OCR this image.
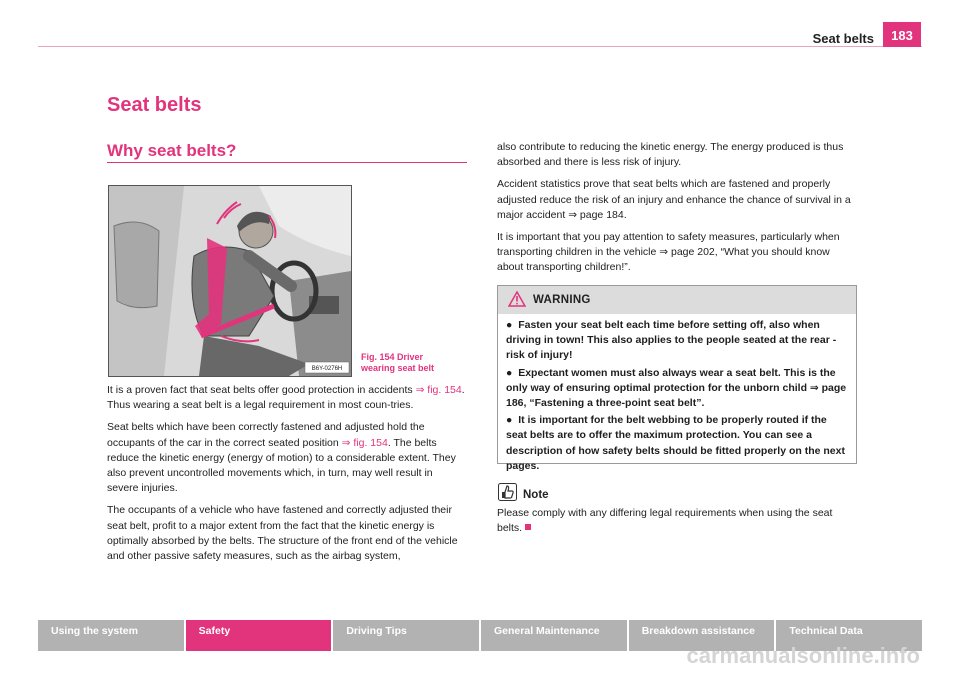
Seat belts	183
Seat belts
Why seat belts?
B6Y-0276H
Fig. 154 Driver
wearing seat belt

It is a proven fact that seat belts offer good protection in accidents ⇒ fig. 154. Thus wearing a seat belt is a legal requirement in most coun-tries.

Seat belts which have been correctly fastened and adjusted hold the occupants of the car in the correct seated position ⇒ fig. 154. The belts reduce the kinetic energy (energy of motion) to a considerable extent. They also prevent uncontrolled movements which, in turn, may well result in severe injuries.

The occupants of a vehicle who have fastened and correctly adjusted their seat belt, profit to a major extent from the fact that the kinetic energy is optimally absorbed by the belts. The structure of the front end of the vehicle and other passive safety measures, such as the airbag system,

also contribute to reducing the kinetic energy. The energy produced is thus absorbed and there is less risk of injury.

Accident statistics prove that seat belts which are fastened and properly adjusted reduce the risk of an injury and enhance the chance of survival in a major accident ⇒ page 184.

It is important that you pay attention to safety measures, particularly when transporting children in the vehicle ⇒ page 202, “What you should know about transporting children!”.

WARNING

●  Fasten your seat belt each time before setting off, also when driving in town! This also applies to the people seated at the rear - risk of injury!

●  Expectant women must also always wear a seat belt. This is the only way of ensuring optimal protection for the unborn child ⇒ page 186, “Fastening a three-point seat belt”.

●  It is important for the belt webbing to be properly routed if the seat belts are to offer the maximum protection. You can see a description of how safety belts should be fitted properly on the next pages.

Note
Please comply with any differing legal requirements when using the seat belts.
Using the system	Safety	Driving Tips	General Maintenance	Breakdown assistance	Technical Data
carmanualsonline.info
